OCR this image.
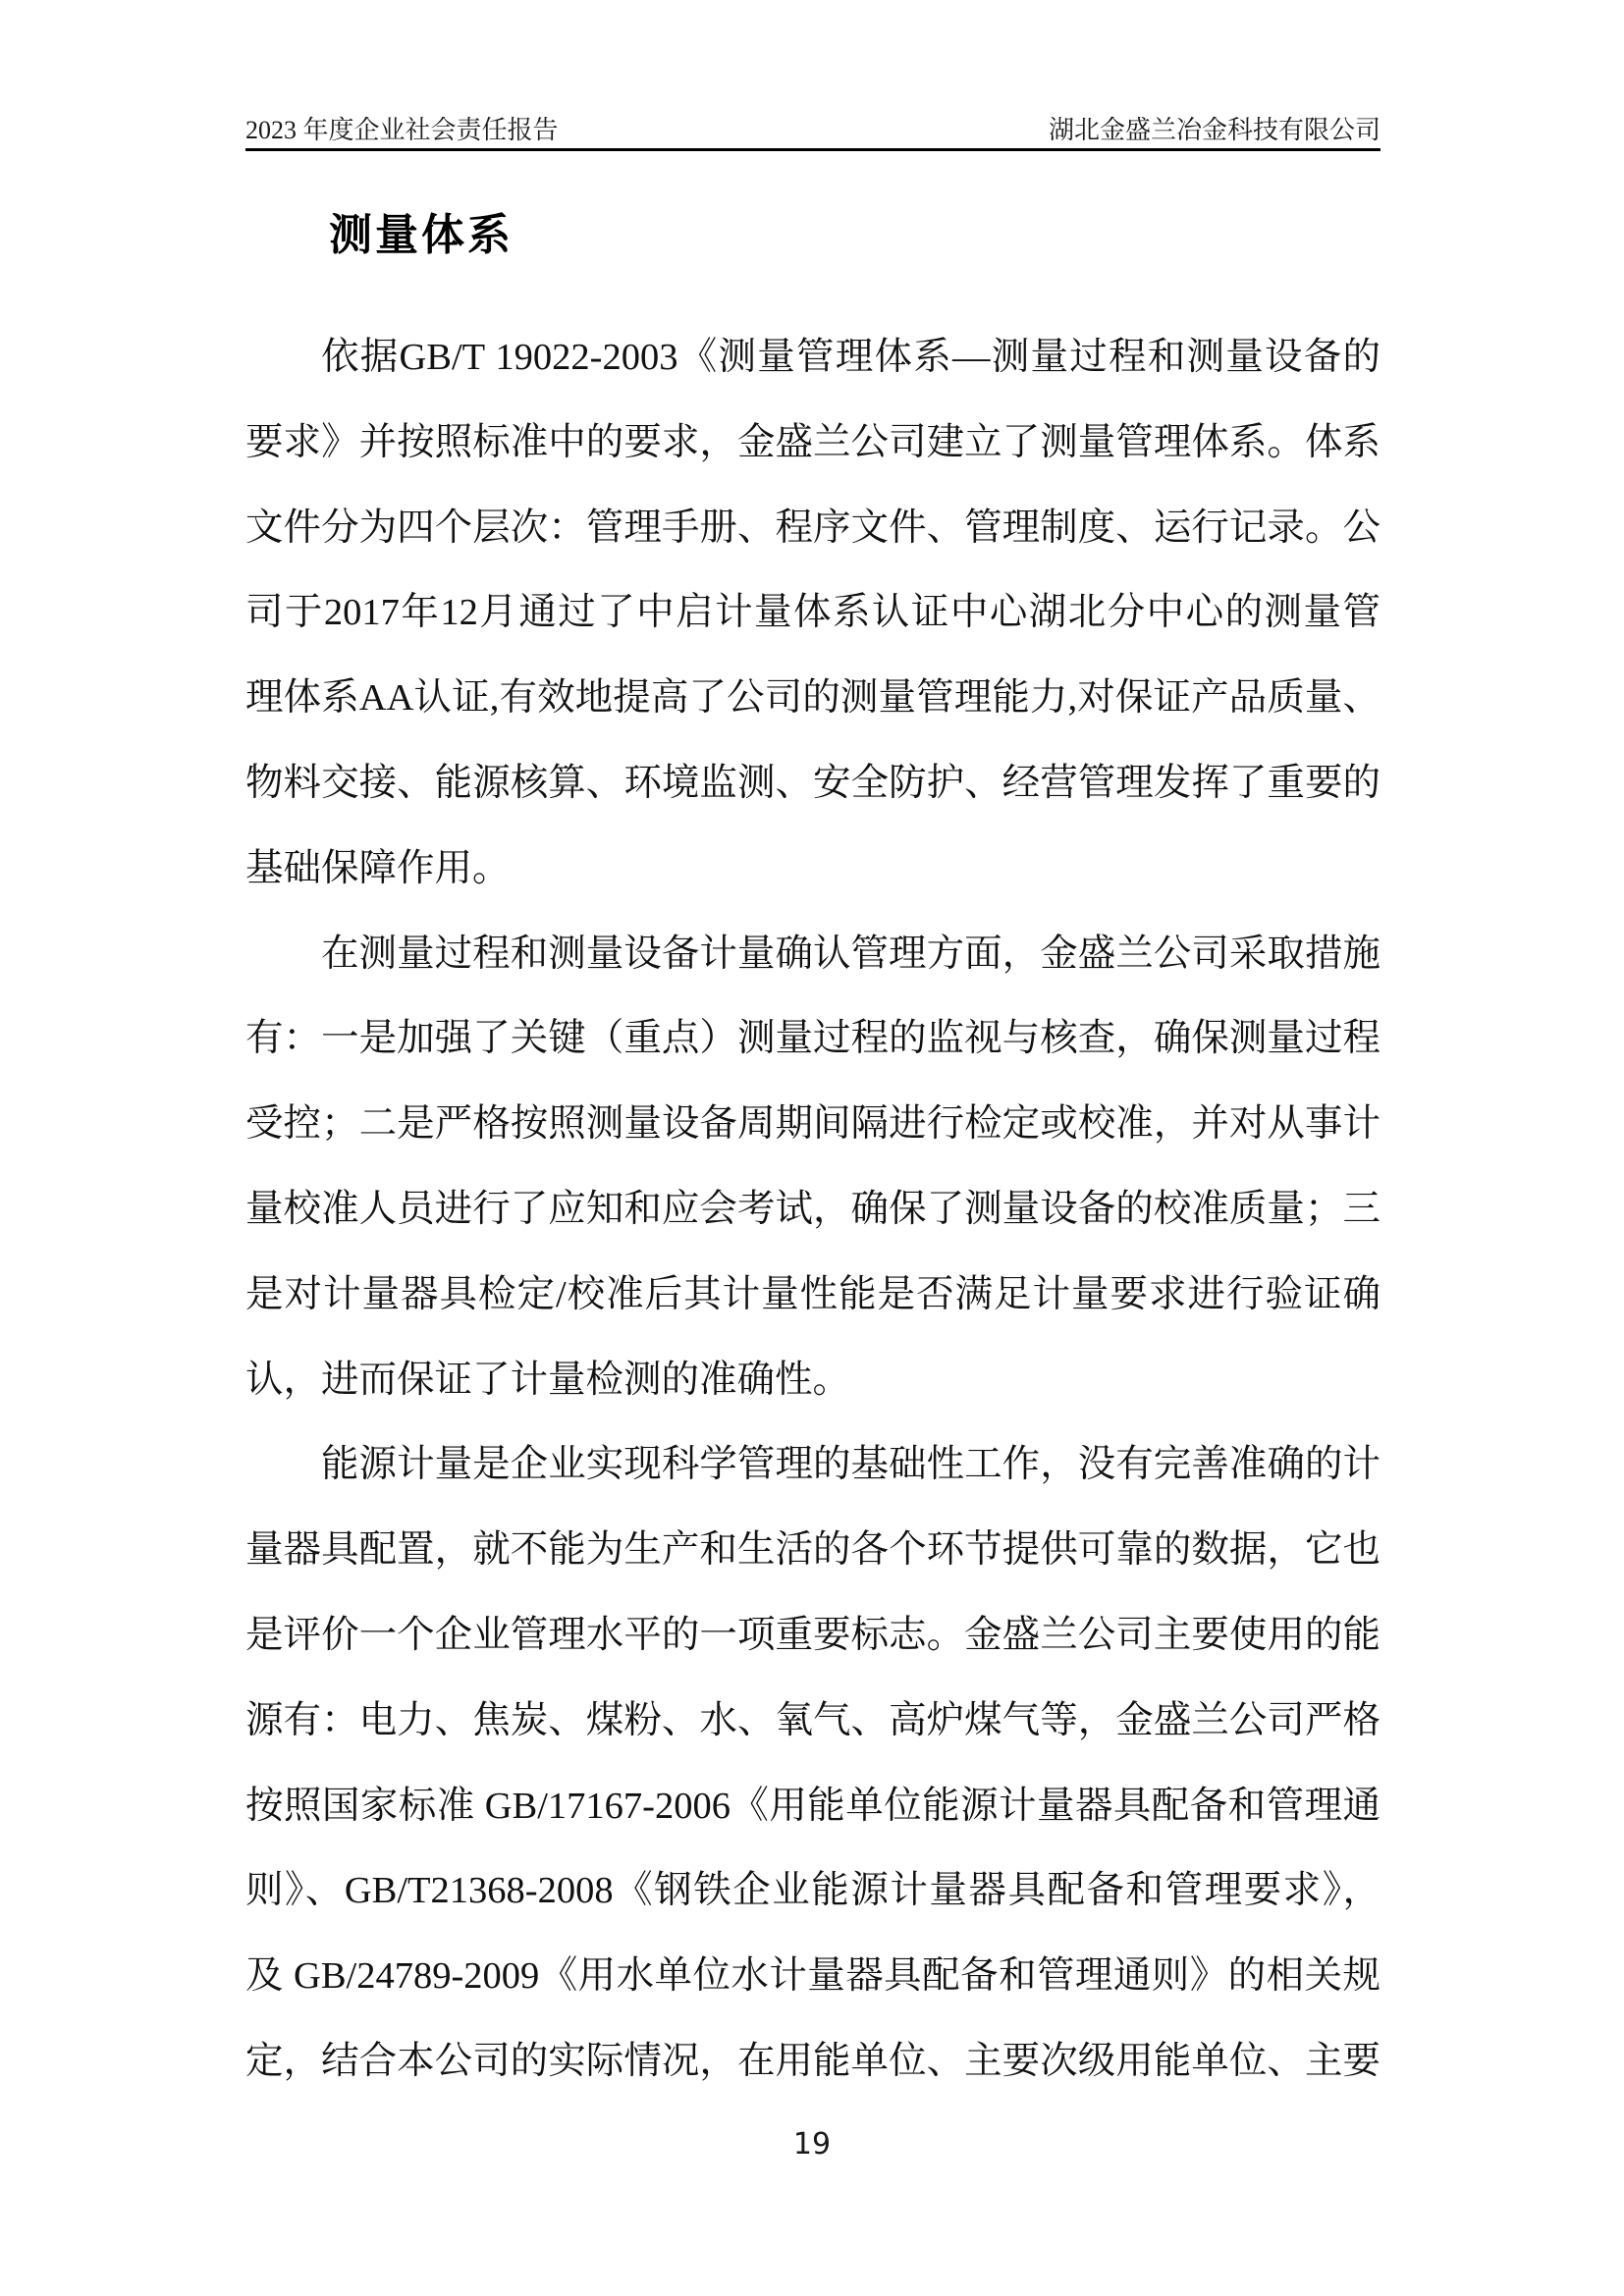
2023 年度企业社会责任报告	湖北金盛兰冶金科技有限公司
测量体系
依据GB/T 19022-2003《测量管理体系—测量过程和测量设备的
要求》并按照标准中的要求，金盛兰公司建立了测量管理体系。体系
文件分为四个层次：管理手册、程序文件、管理制度、运行记录。公
司于2017年12月通过了中启计量体系认证中心湖北分中心的测量管
理体系AA认证,有效地提高了公司的测量管理能力,对保证产品质量、
物料交接、能源核算、环境监测、安全防护、经营管理发挥了重要的
基础保障作用。
在测量过程和测量设备计量确认管理方面，金盛兰公司采取措施
有：一是加强了关键（重点）测量过程的监视与核查，确保测量过程
受控；二是严格按照测量设备周期间隔进行检定或校准，并对从事计
量校准人员进行了应知和应会考试，确保了测量设备的校准质量；三
是对计量器具检定/校准后其计量性能是否满足计量要求进行验证确
认，进而保证了计量检测的准确性。
能源计量是企业实现科学管理的基础性工作，没有完善准确的计
量器具配置，就不能为生产和生活的各个环节提供可靠的数据，它也
是评价一个企业管理水平的一项重要标志。金盛兰公司主要使用的能
源有：电力、焦炭、煤粉、水、氧气、高炉煤气等，金盛兰公司严格
按照国家标准 GB/17167-2006《用能单位能源计量器具配备和管理通
则》、GB/T21368-2008《钢铁企业能源计量器具配备和管理要求》，
及 GB/24789-2009《用水单位水计量器具配备和管理通则》的相关规
定，结合本公司的实际情况，在用能单位、主要次级用能单位、主要
19
